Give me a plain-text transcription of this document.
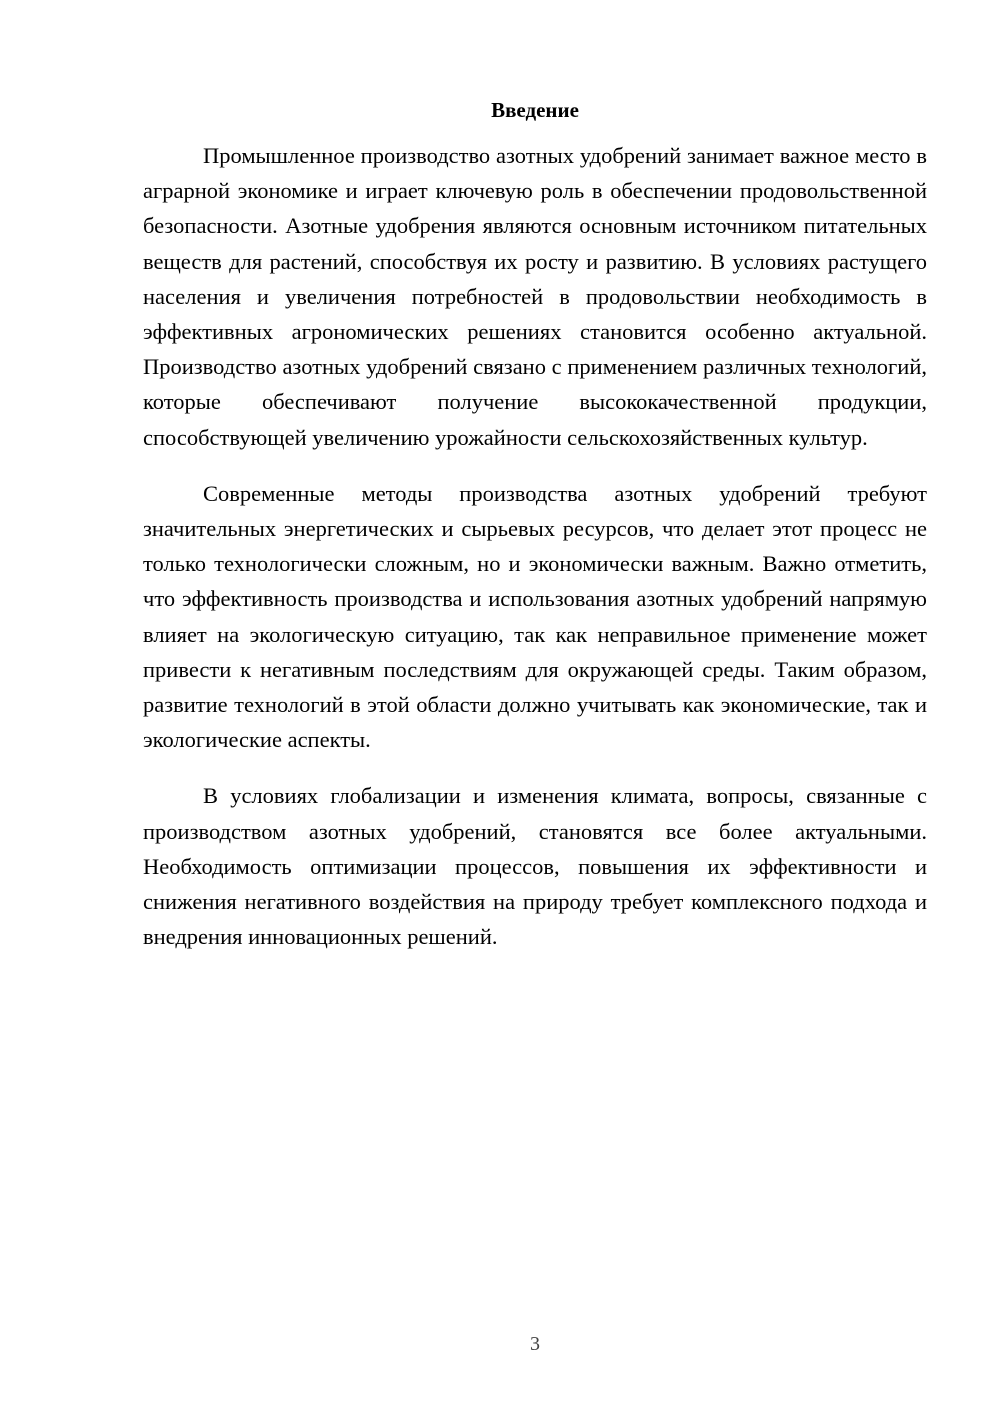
Введение

Промышленное производство азотных удобрений занимает важное место в аграрной экономике и играет ключевую роль в обеспечении продовольственной безопасности. Азотные удобрения являются основным источником питательных веществ для растений, способствуя их росту и развитию. В условиях растущего населения и увеличения потребностей в продовольствии необходимость в эффективных агрономических решениях становится особенно актуальной. Производство азотных удобрений связано с применением различных технологий, которые обеспечивают получение высококачественной продукции, способствующей увеличению урожайности сельскохозяйственных культур.

Современные методы производства азотных удобрений требуют значительных энергетических и сырьевых ресурсов, что делает этот процесс не только технологически сложным, но и экономически важным. Важно отметить, что эффективность производства и использования азотных удобрений напрямую влияет на экологическую ситуацию, так как неправильное применение может привести к негативным последствиям для окружающей среды. Таким образом, развитие технологий в этой области должно учитывать как экономические, так и экологические аспекты.

В условиях глобализации и изменения климата, вопросы, связанные с производством азотных удобрений, становятся все более актуальными. Необходимость оптимизации процессов, повышения их эффективности и снижения негативного воздействия на природу требует комплексного подхода и внедрения инновационных решений.

3
